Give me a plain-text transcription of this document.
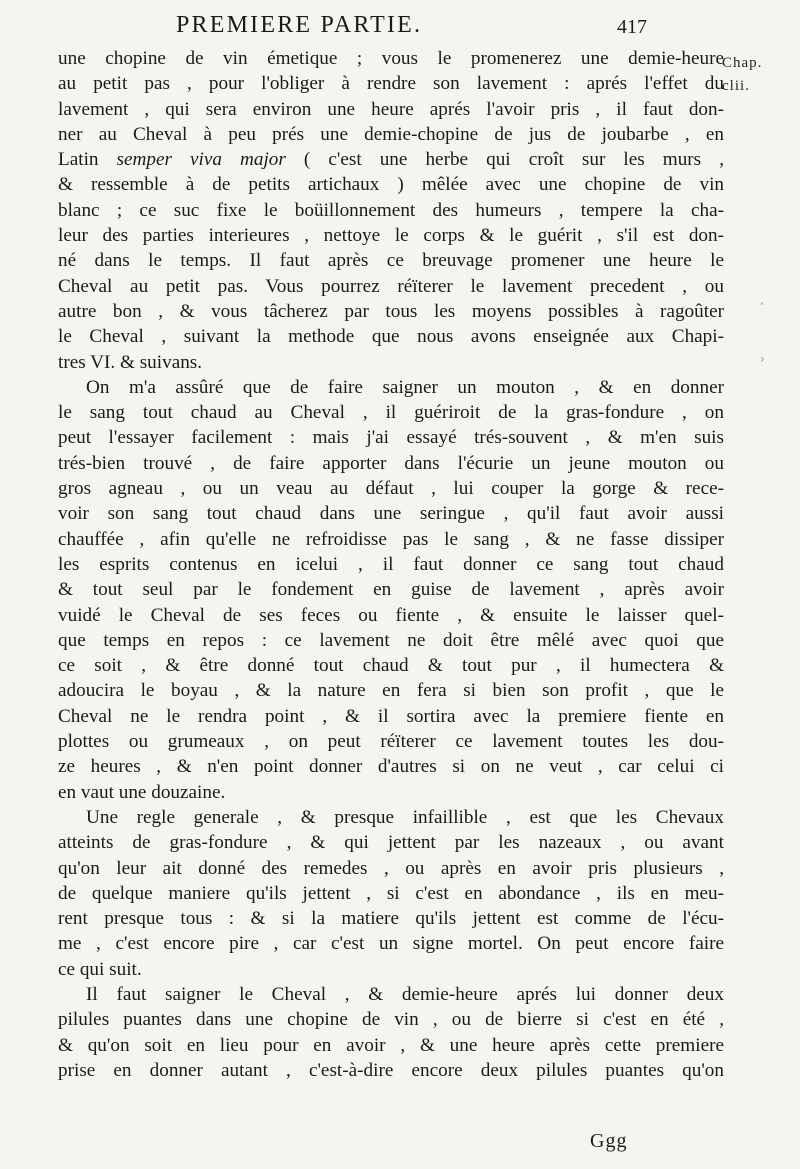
PREMIERE PARTIE.	417
Chap.
clii.

une chopine de vin émetique ; vous le promenerez une demie-heure

au petit pas , pour l'obliger à rendre son lavement : aprés l'effet du

lavement , qui sera environ une heure aprés l'avoir pris , il faut don-

ner au Cheval à peu prés une demie-chopine de jus de joubarbe , en

Latin semper viva major ( c'est une herbe qui croît sur les murs ,

& ressemble à de petits artichaux ) mêlée avec une chopine de vin

blanc ; ce suc fixe le boüillonnement des humeurs , tempere la cha-

leur des parties interieures , nettoye le corps & le guérit , s'il est don-

né dans le temps. Il faut après ce breuvage promener une heure le

Cheval au petit pas. Vous pourrez réïterer le lavement precedent , ou

autre bon , & vous tâcherez par tous les moyens possibles à ragoûter

le Cheval , suivant la methode que nous avons enseignée aux Chapi-

tres VI. & suivans.

On m'a assûré que de faire saigner un mouton , & en donner

le sang tout chaud au Cheval , il guériroit de la gras-fondure , on

peut l'essayer facilement : mais j'ai essayé trés-souvent , & m'en suis

trés-bien trouvé , de faire apporter dans l'écurie un jeune mouton ou

gros agneau , ou un veau au défaut , lui couper la gorge & rece-

voir son sang tout chaud dans une seringue , qu'il faut avoir aussi

chauffée , afin qu'elle ne refroidisse pas le sang , & ne fasse dissiper

les esprits contenus en icelui , il faut donner ce sang tout chaud

& tout seul par le fondement en guise de lavement , après avoir

vuidé le Cheval de ses feces ou fiente , & ensuite le laisser quel-

que temps en repos : ce lavement ne doit être mêlé avec quoi que

ce soit , & être donné tout chaud & tout pur , il humectera &

adoucira le boyau , & la nature en fera si bien son profit , que le

Cheval ne le rendra point , & il sortira avec la premiere fiente en

plottes ou grumeaux , on peut réïterer ce lavement toutes les dou-

ze heures , & n'en point donner d'autres si on ne veut , car celui ci

en vaut une douzaine.

Une regle generale , & presque infaillible , est que les Chevaux

atteints de gras-fondure , & qui jettent par les nazeaux , ou avant

qu'on leur ait donné des remedes , ou après en avoir pris plusieurs ,

de quelque maniere qu'ils jettent , si c'est en abondance , ils en meu-

rent presque tous : & si la matiere qu'ils jettent est comme de l'écu-

me , c'est encore pire , car c'est un signe mortel. On peut encore faire

ce qui suit.

Il faut saigner le Cheval , & demie-heure aprés lui donner deux

pilules puantes dans une chopine de vin , ou de bierre si c'est en été ,

& qu'on soit en lieu pour en avoir , & une heure après cette premiere

prise en donner autant , c'est-à-dire encore deux pilules puantes qu'on

Ggg
ʼ
›
